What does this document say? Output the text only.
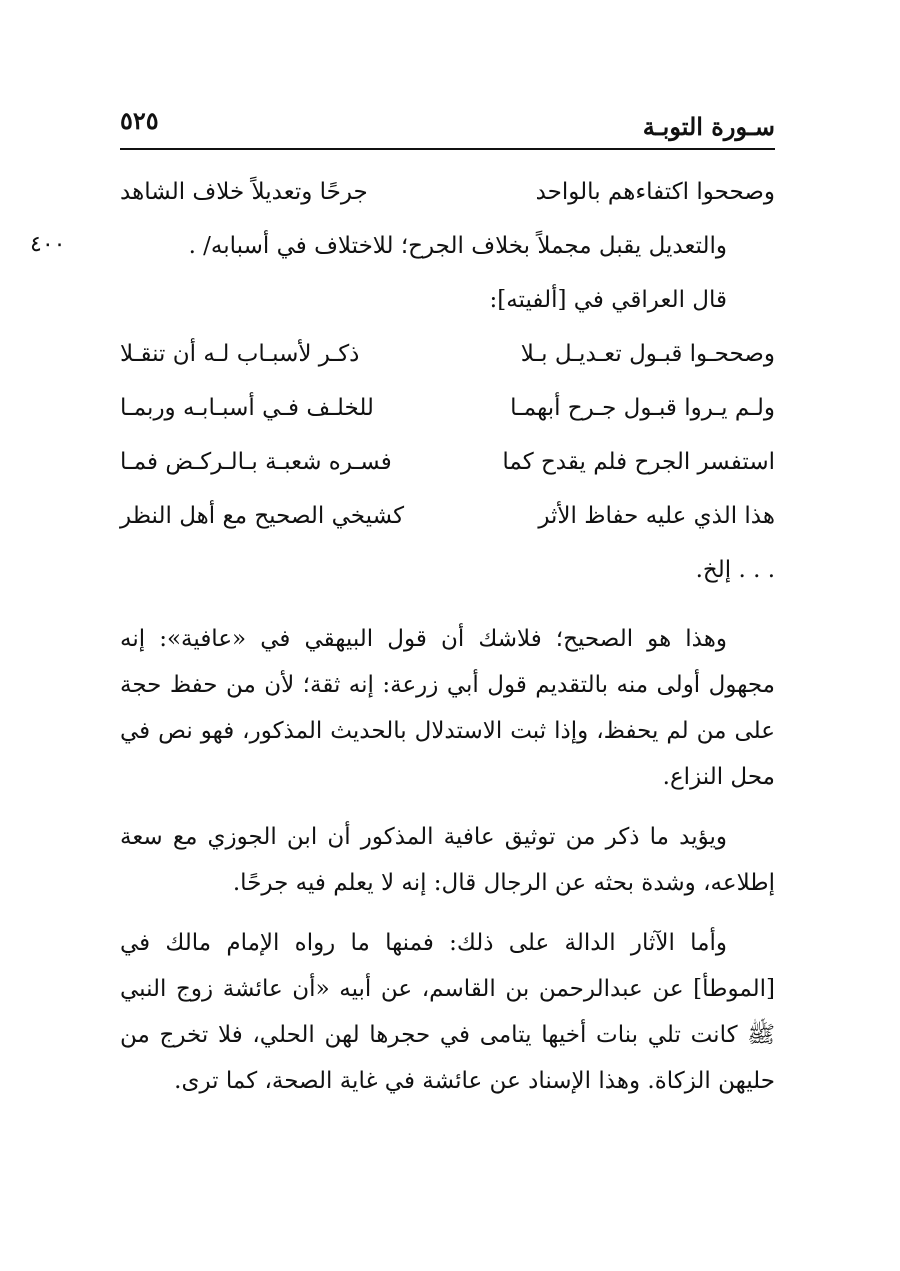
سـورة التوبـة
٥٢٥
٤٠٠
وصححوا اكتفاءهم بالواحد
جرحًا وتعديلاً خلاف الشاهد
والتعديل يقبل مجملاً بخلاف الجرح؛ للاختلاف في أسبابه/ .
قال العراقي في [ألفيته]:
وصححـوا قبـول تعـديـل بـلا
ذكـر لأسبـاب لـه أن تنقـلا
ولـم يـروا قبـول جـرح أبهمـا
للخلـف فـي أسبـابـه وربمـا
استفسر الجرح فلم يقدح كما
فسـره شعبـة بـالـركـض فمـا
هذا الذي عليه حفاظ الأثر
كشيخي الصحيح مع أهل النظر
. . . إلخ.

وهذا هو الصحيح؛ فلاشك أن قول البيهقي في «عافية»: إنه مجهول أولى منه بالتقديم قول أبي زرعة: إنه ثقة؛ لأن من حفظ حجة على من لم يحفظ، وإذا ثبت الاستدلال بالحديث المذكور، فهو نص في محل النزاع.

ويؤيد ما ذكر من توثيق عافية المذكور أن ابن الجوزي مع سعة إطلاعه، وشدة بحثه عن الرجال قال: إنه لا يعلم فيه جرحًا.

وأما الآثار الدالة على ذلك: فمنها ما رواه الإمام مالك في [الموطأ] عن عبدالرحمن بن القاسم، عن أبيه «أن عائشة زوج النبي ﷺ كانت تلي بنات أخيها يتامى في حجرها لهن الحلي، فلا تخرج من حليهن الزكاة. وهذا الإسناد عن عائشة في غاية الصحة، كما ترى.
